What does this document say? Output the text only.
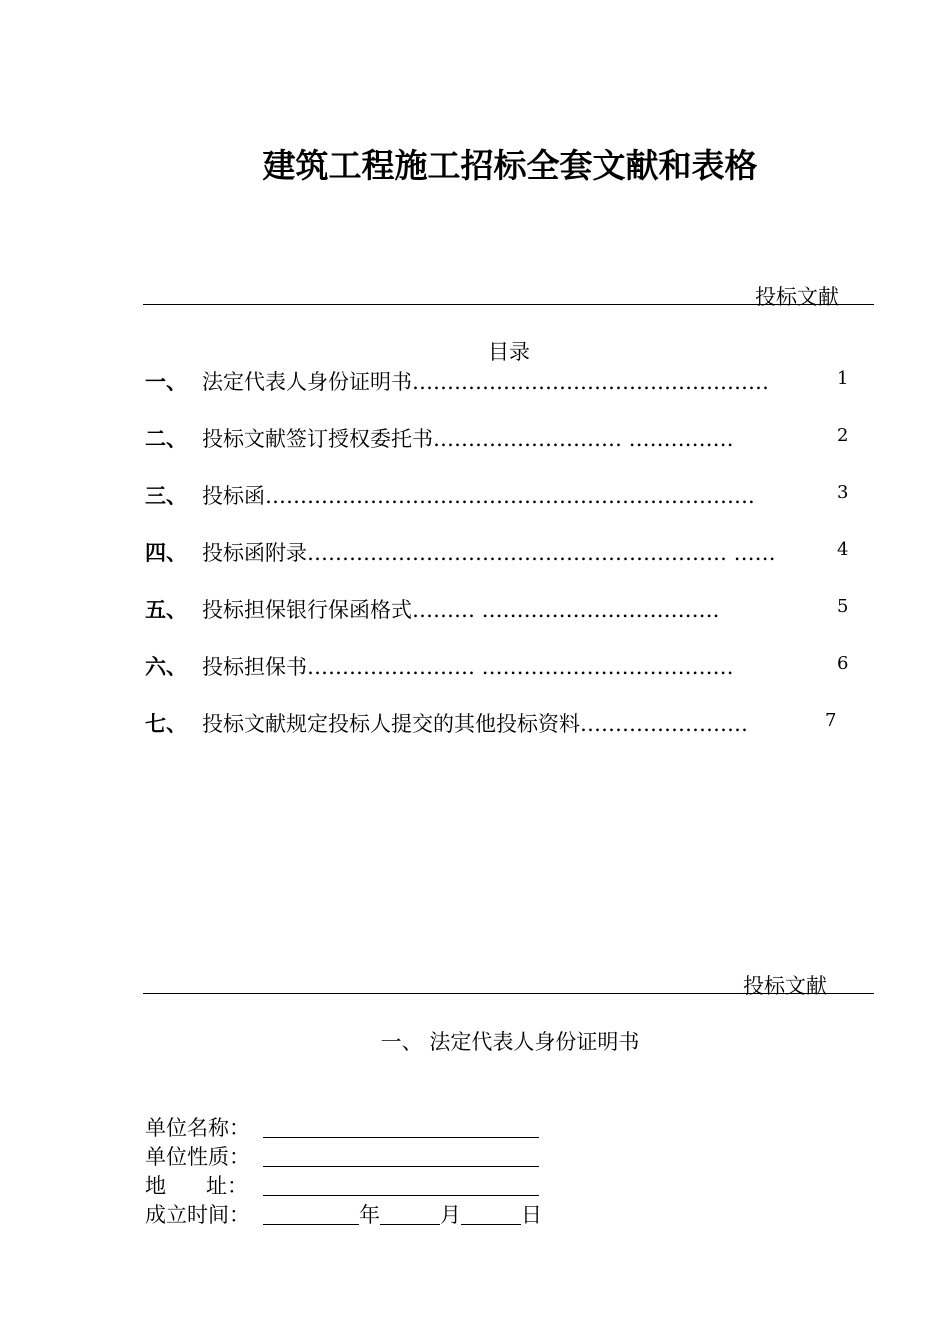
建筑工程施工招标全套文献和表格
投标文献
目录
一、 法定代表人身份证明书……………………………………………	1
二、 投标文献签订授权委托书……………………… ……………	2
三、 投标函…………………………………………………………….	3
四、 投标函附录…………………………………………………… ……	4
五、 投标担保银行保函格式……… …………………………….	5
六、 投标担保书…………………… ………………………………	6
七、 投标文献规定投标人提交的其他投标资料……………………	7
投标文献
一、 法定代表人身份证明书
单位名称：
单位性质：
地      址：
成立时间：	年	月	日
